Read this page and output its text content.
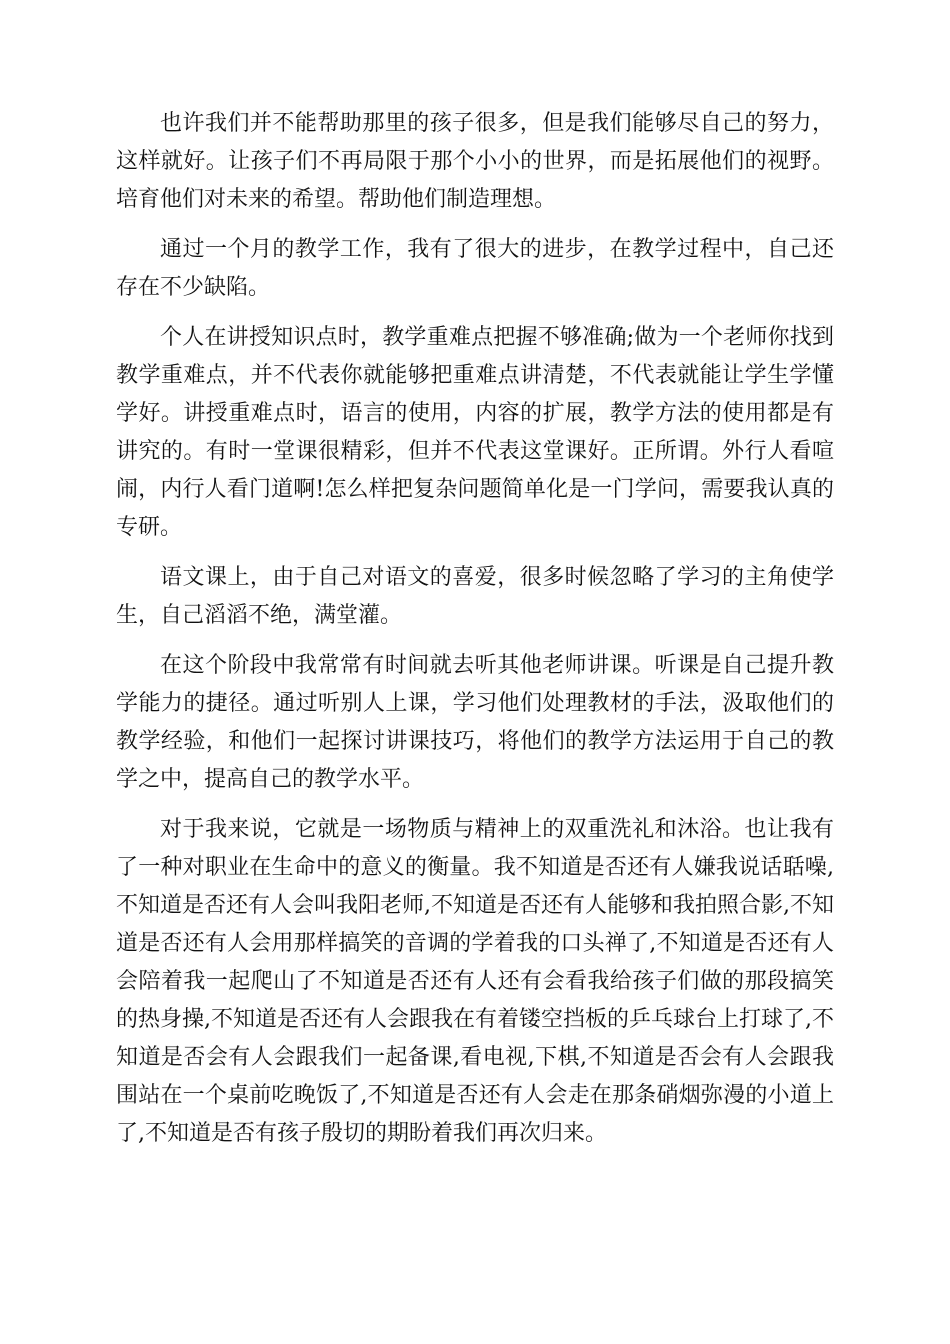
也许我们并不能帮助那里的孩子很多，但是我们能够尽自己的努力，这样就好。让孩子们不再局限于那个小小的世界，而是拓展他们的视野。培育他们对未来的希望。帮助他们制造理想。

通过一个月的教学工作，我有了很大的进步，在教学过程中，自己还存在不少缺陷。

个人在讲授知识点时，教学重难点把握不够准确;做为一个老师你找到教学重难点，并不代表你就能够把重难点讲清楚，不代表就能让学生学懂学好。讲授重难点时，语言的使用，内容的扩展，教学方法的使用都是有讲究的。有时一堂课很精彩，但并不代表这堂课好。正所谓。外行人看喧闹，内行人看门道啊!怎么样把复杂问题简单化是一门学问，需要我认真的专研。

语文课上，由于自己对语文的喜爱，很多时候忽略了学习的主角使学生，自己滔滔不绝，满堂灌。

在这个阶段中我常常有时间就去听其他老师讲课。听课是自己提升教学能力的捷径。通过听别人上课，学习他们处理教材的手法，汲取他们的教学经验，和他们一起探讨讲课技巧，将他们的教学方法运用于自己的教学之中，提高自己的教学水平。

对于我来说，它就是一场物质与精神上的双重洗礼和沐浴。也让我有了一种对职业在生命中的意义的衡量。我不知道是否还有人嫌我说话聒噪,不知道是否还有人会叫我阳老师,不知道是否还有人能够和我拍照合影,不知道是否还有人会用那样搞笑的音调的学着我的口头禅了,不知道是否还有人会陪着我一起爬山了不知道是否还有人还有会看我给孩子们做的那段搞笑的热身操,不知道是否还有人会跟我在有着镂空挡板的乒乓球台上打球了,不知道是否会有人会跟我们一起备课,看电视,下棋,不知道是否会有人会跟我围站在一个桌前吃晚饭了,不知道是否还有人会走在那条硝烟弥漫的小道上了,不知道是否有孩子殷切的期盼着我们再次归来。
